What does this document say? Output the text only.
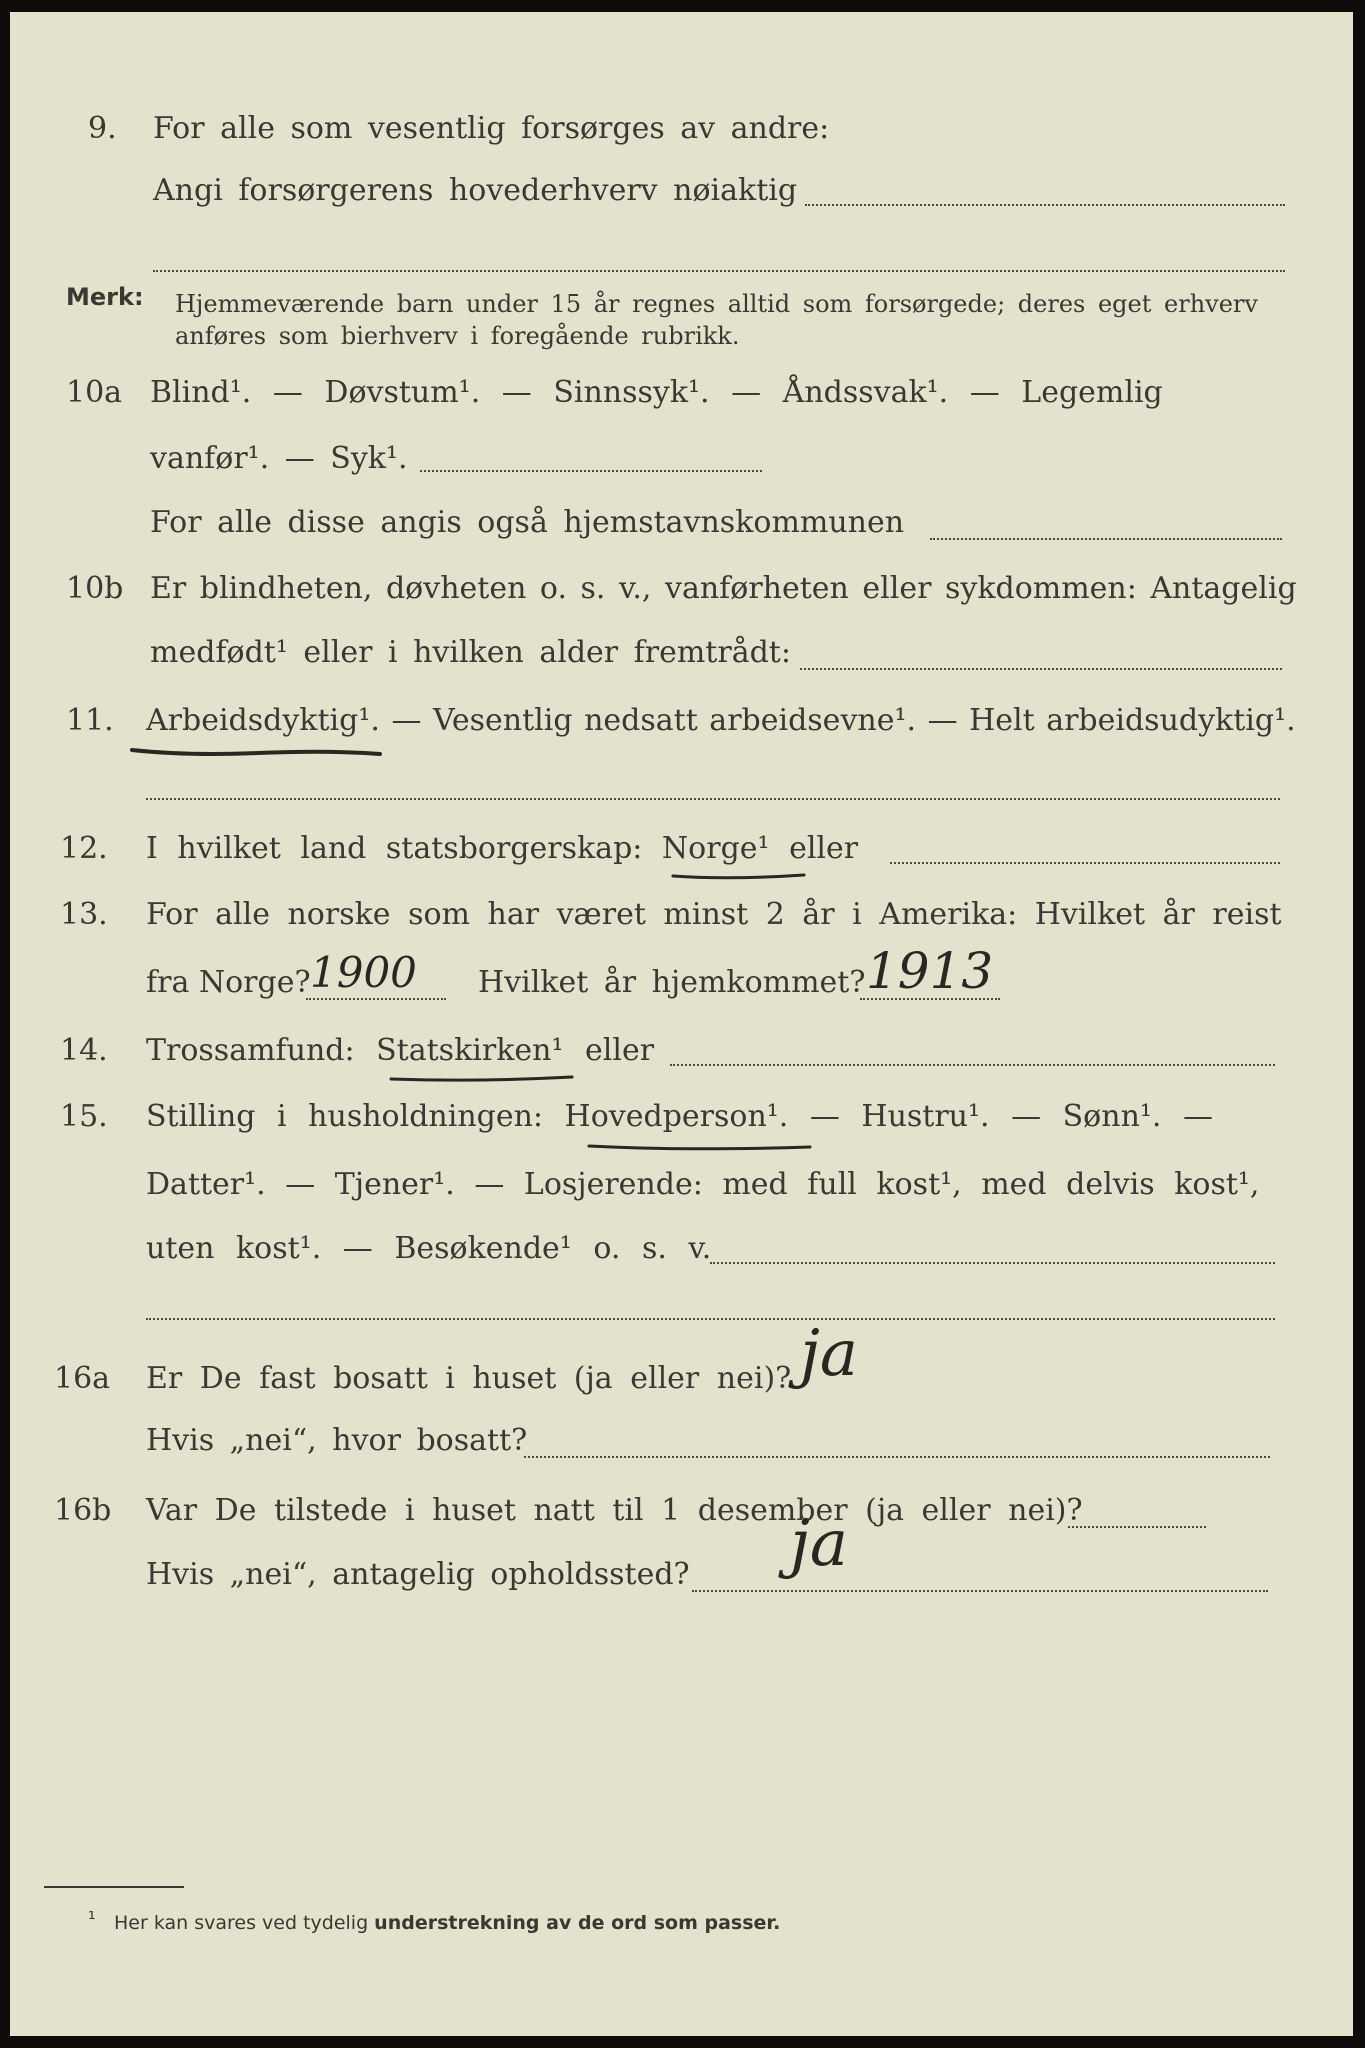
9. For alle som vesentlig forsørges av andre:
Angi forsørgerens hovederhverv nøiaktig
Merk: Hjemmeværende barn under 15 år regnes alltid som forsørgede; deres eget erhverv
anføres som bierhverv i foregående rubrikk.
10a Blind¹. — Døvstum¹. — Sinnssyk¹. — Åndssvak¹. — Legemlig
vanfør¹. — Syk¹.
For alle disse angis også hjemstavnskommunen
10b Er blindheten, døvheten o. s. v., vanførheten eller sykdommen: Antagelig
medfødt¹ eller i hvilken alder fremtrådt:
11. Arbeidsdyktig¹. — Vesentlig nedsatt arbeidsevne¹. — Helt arbeidsudyktig¹.
12. I hvilket land statsborgerskap: Norge¹ eller
13. For alle norske som har været minst 2 år i Amerika: Hvilket år reist
fra Norge? 1900 Hvilket år hjemkommet? 1913
14. Trossamfund: Statskirken¹ eller
15. Stilling i husholdningen: Hovedperson¹. — Hustru¹. — Sønn¹. —
Datter¹. — Tjener¹. — Losjerende: med full kost¹, med delvis kost¹,
uten kost¹. — Besøkende¹ o. s. v.
16a Er De fast bosatt i huset (ja eller nei)? ja
Hvis „nei“, hvor bosatt?
16b Var De tilstede i huset natt til 1 desember (ja eller nei)?
Hvis „nei“, antagelig opholdssted? ja
¹ Her kan svares ved tydelig understrekning av de ord som passer.
